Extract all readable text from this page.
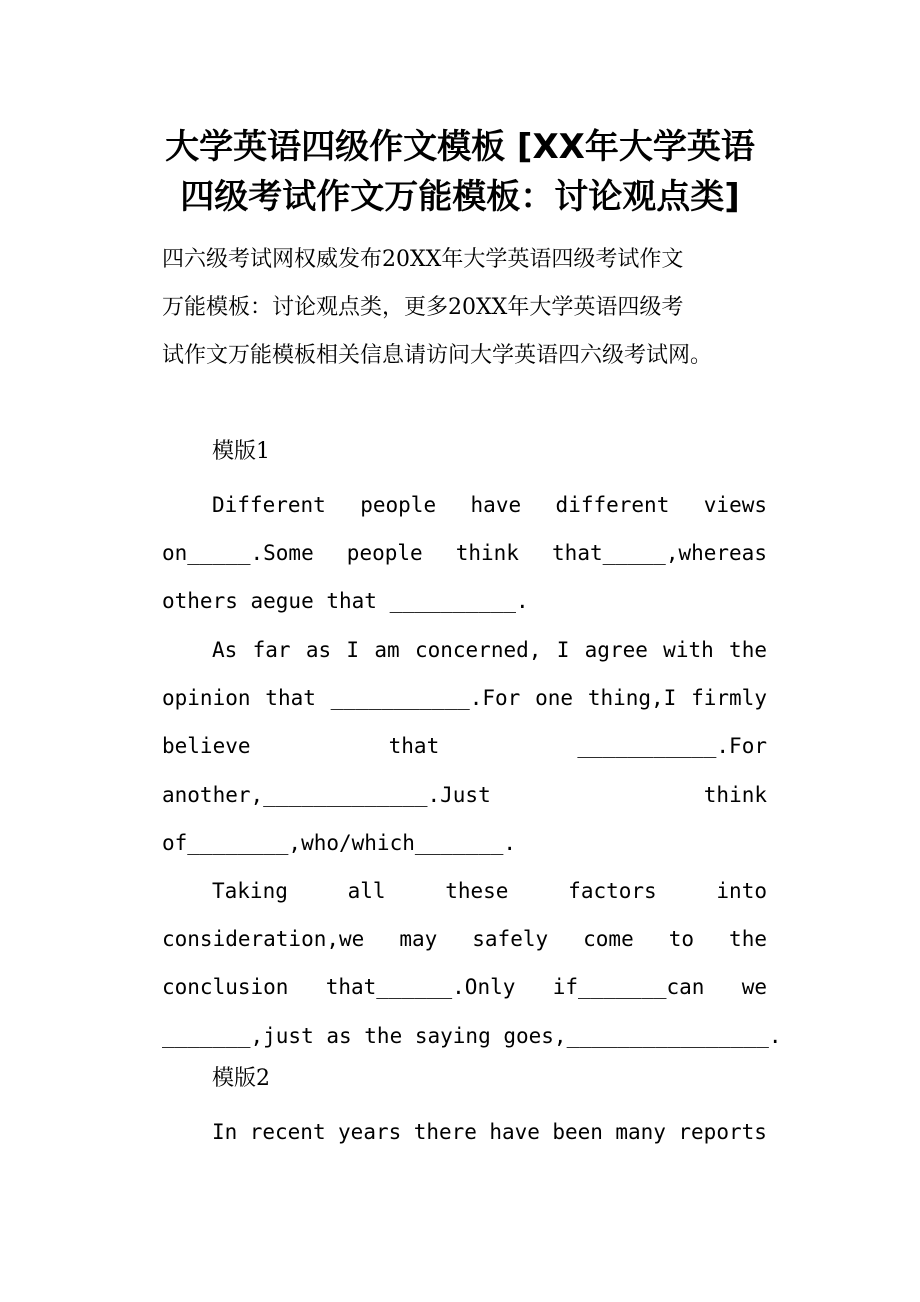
大学英语四级作文模板 [XX年大学英语
四级考试作文万能模板：讨论观点类]

四六级考试网权威发布20XX年大学英语四级考试作文
万能模板：讨论观点类，更多20XX年大学英语四级考
试作文万能模板相关信息请访问大学英语四六级考试网。

模版1
Different people have different views
on_____.Some people think that_____,whereas
others aegue that __________.
As far as I am concerned, I agree with the
opinion that ___________.For one thing,I firmly
believe	that	___________.For
another,_____________.Just	think
of________,who/which_______.
Taking	all	these	factors	into
consideration,we may safely come to the
conclusion that______.Only if_______can we
_______,just as the saying goes,________________.
模版2
In recent years there have been many reports
